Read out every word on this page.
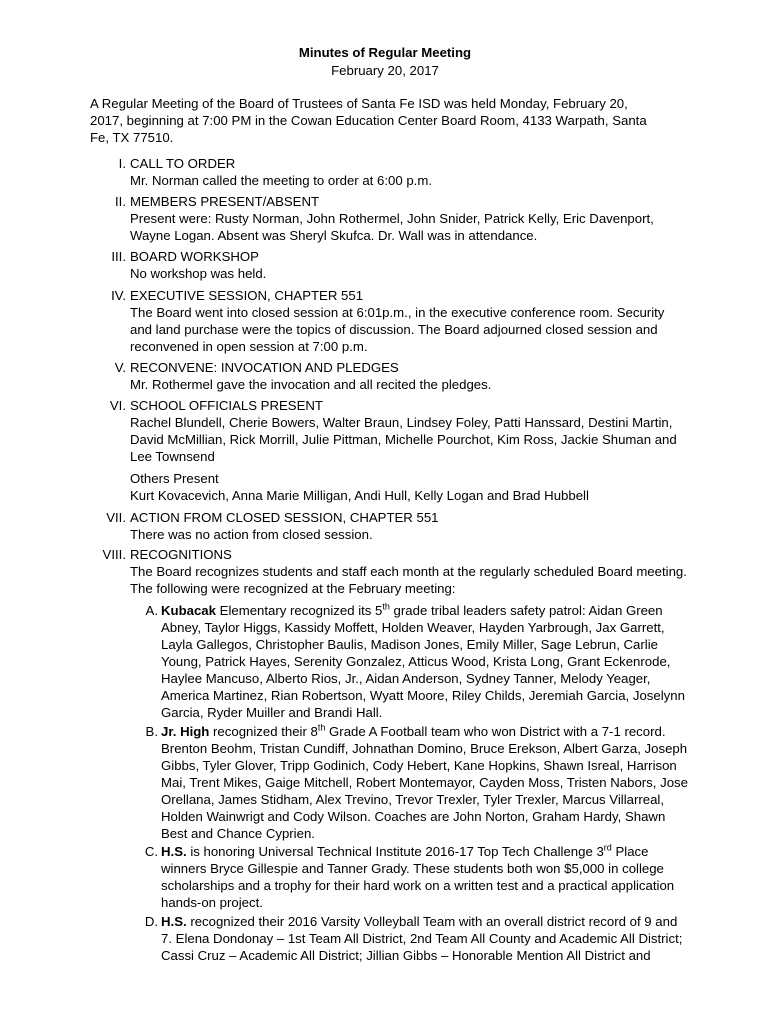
Minutes of Regular Meeting
February 20, 2017
A Regular Meeting of the Board of Trustees of Santa Fe ISD was held Monday, February 20,
2017, beginning at 7:00 PM in the Cowan Education Center Board Room, 4133 Warpath, Santa
Fe, TX 77510.
I. CALL TO ORDER
Mr. Norman called the meeting to order at 6:00 p.m.
II. MEMBERS PRESENT/ABSENT
Present were: Rusty Norman, John Rothermel, John Snider, Patrick Kelly, Eric Davenport,
Wayne Logan. Absent was Sheryl Skufca. Dr. Wall was in attendance.
III. BOARD WORKSHOP
No workshop was held.
IV. EXECUTIVE SESSION, CHAPTER 551
The Board went into closed session at 6:01p.m., in the executive conference room. Security
and land purchase were the topics of discussion. The Board adjourned closed session and
reconvened in open session at 7:00 p.m.
V. RECONVENE: INVOCATION AND PLEDGES
Mr. Rothermel gave the invocation and all recited the pledges.
VI. SCHOOL OFFICIALS PRESENT
Rachel Blundell, Cherie Bowers, Walter Braun, Lindsey Foley, Patti Hanssard, Destini Martin,
David McMillian, Rick Morrill, Julie Pittman, Michelle Pourchot, Kim Ross, Jackie Shuman and
Lee Townsend
Others Present
Kurt Kovacevich, Anna Marie Milligan, Andi Hull, Kelly Logan and Brad Hubbell
VII. ACTION FROM CLOSED SESSION, CHAPTER 551
There was no action from closed session.
VIII. RECOGNITIONS
The Board recognizes students and staff each month at the regularly scheduled Board meeting.
The following were recognized at the February meeting:
A. Kubacak Elementary recognized its 5th grade tribal leaders safety patrol: Aidan Green
Abney, Taylor Higgs, Kassidy Moffett, Holden Weaver, Hayden Yarbrough, Jax Garrett,
Layla Gallegos, Christopher Baulis, Madison Jones, Emily Miller, Sage Lebrun, Carlie
Young, Patrick Hayes, Serenity Gonzalez, Atticus Wood, Krista Long, Grant Eckenrode,
Haylee Mancuso, Alberto Rios, Jr., Aidan Anderson, Sydney Tanner, Melody Yeager,
America Martinez, Rian Robertson, Wyatt Moore, Riley Childs, Jeremiah Garcia, Joselynn
Garcia, Ryder Muiller and Brandi Hall.
B. Jr. High recognized their 8th Grade A Football team who won District with a 7-1 record.
Brenton Beohm, Tristan Cundiff, Johnathan Domino, Bruce Erekson, Albert Garza, Joseph
Gibbs, Tyler Glover, Tripp Godinich, Cody Hebert, Kane Hopkins, Shawn Isreal, Harrison
Mai, Trent Mikes, Gaige Mitchell, Robert Montemayor, Cayden Moss, Tristen Nabors, Jose
Orellana, James Stidham, Alex Trevino, Trevor Trexler, Tyler Trexler, Marcus Villarreal,
Holden Wainwrigt and Cody Wilson. Coaches are John Norton, Graham Hardy, Shawn
Best and Chance Cyprien.
C. H.S. is honoring Universal Technical Institute 2016-17 Top Tech Challenge 3rd Place
winners Bryce Gillespie and Tanner Grady. These students both won $5,000 in college
scholarships and a trophy for their hard work on a written test and a practical application
hands-on project.
D. H.S. recognized their 2016 Varsity Volleyball Team with an overall district record of 9 and
7. Elena Dondonay – 1st Team All District, 2nd Team All County and Academic All District;
Cassi Cruz – Academic All District; Jillian Gibbs – Honorable Mention All District and
